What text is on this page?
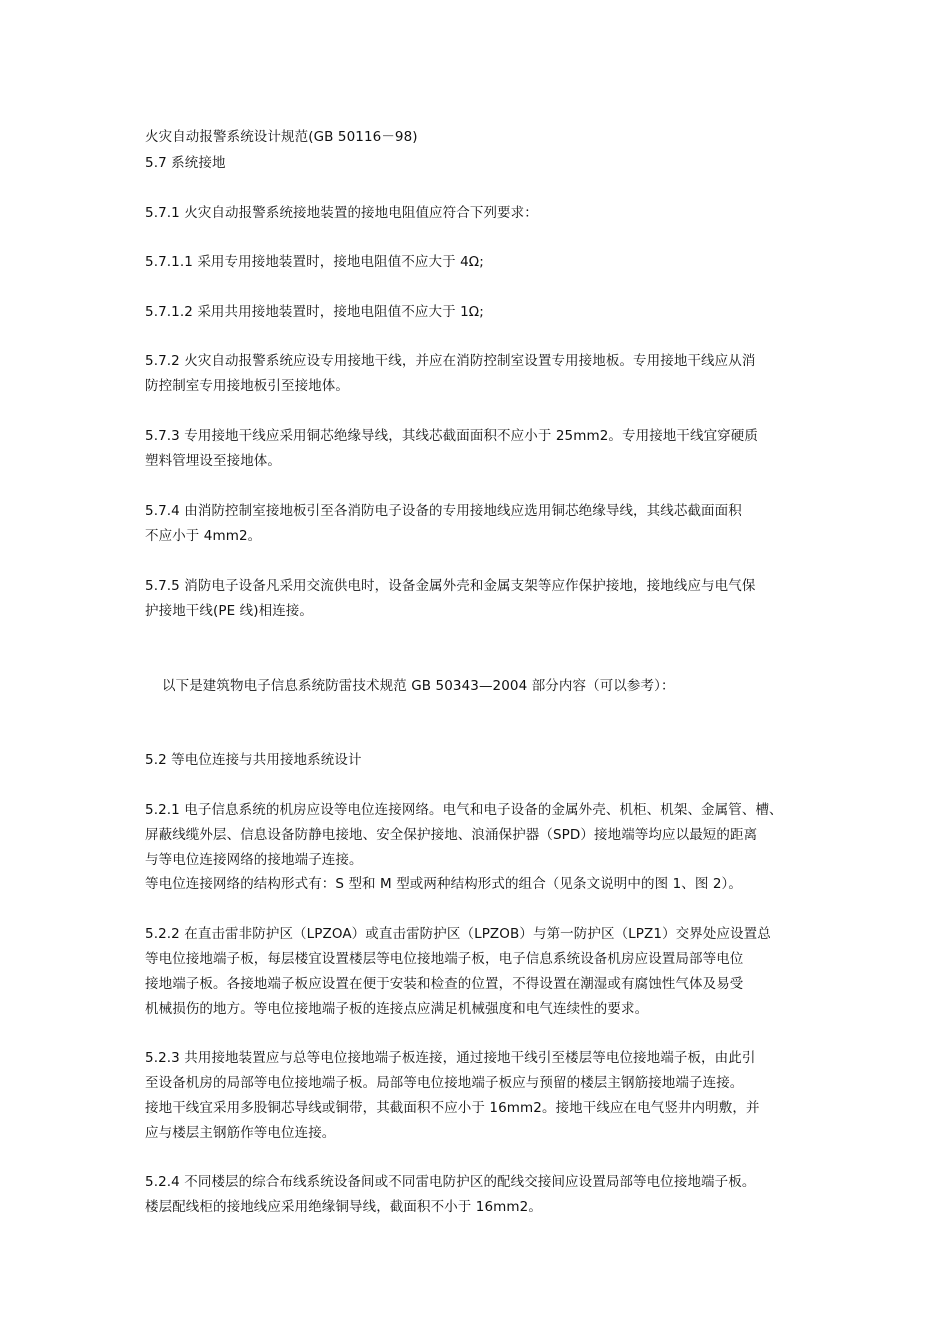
火灾自动报警系统设计规范(GB 50116－98)

5.7 系统接地

5.7.1 火灾自动报警系统接地装置的接地电阻值应符合下列要求：

5.7.1.1 采用专用接地装置时，接地电阻值不应大于 4Ω;

5.7.1.2 采用共用接地装置时，接地电阻值不应大于 1Ω;

5.7.2 火灾自动报警系统应设专用接地干线，并应在消防控制室设置专用接地板。专用接地干线应从消

防控制室专用接地板引至接地体。

5.7.3 专用接地干线应采用铜芯绝缘导线，其线芯截面面积不应小于 25mm2。专用接地干线宜穿硬质

塑料管埋设至接地体。

5.7.4 由消防控制室接地板引至各消防电子设备的专用接地线应选用铜芯绝缘导线，其线芯截面面积

不应小于 4mm2。

5.7.5 消防电子设备凡采用交流供电时，设备金属外壳和金属支架等应作保护接地，接地线应与电气保

护接地干线(PE 线)相连接。

以下是建筑物电子信息系统防雷技术规范 GB 50343—2004 部分内容（可以参考）：

5.2 等电位连接与共用接地系统设计

5.2.1 电子信息系统的机房应设等电位连接网络。电气和电子设备的金属外壳、机柜、机架、金属管、槽、

屏蔽线缆外层、信息设备防静电接地、安全保护接地、浪涌保护器（SPD）接地端等均应以最短的距离

与等电位连接网络的接地端子连接。

等电位连接网络的结构形式有：S 型和 M 型或两种结构形式的组合（见条文说明中的图 1、图 2）。

5.2.2 在直击雷非防护区（LPZOA）或直击雷防护区（LPZOB）与第一防护区（LPZ1）交界处应设置总

等电位接地端子板，每层楼宜设置楼层等电位接地端子板，电子信息系统设备机房应设置局部等电位

接地端子板。各接地端子板应设置在便于安装和检查的位置，不得设置在潮湿或有腐蚀性气体及易受

机械损伤的地方。等电位接地端子板的连接点应满足机械强度和电气连续性的要求。

5.2.3 共用接地装置应与总等电位接地端子板连接，通过接地干线引至楼层等电位接地端子板，由此引

至设备机房的局部等电位接地端子板。局部等电位接地端子板应与预留的楼层主钢筋接地端子连接。

接地干线宜采用多股铜芯导线或铜带，其截面积不应小于 16mm2。接地干线应在电气竖井内明敷，并

应与楼层主钢筋作等电位连接。

5.2.4 不同楼层的综合布线系统设备间或不同雷电防护区的配线交接间应设置局部等电位接地端子板。

楼层配线柜的接地线应采用绝缘铜导线，截面积不小于 16mm2。
